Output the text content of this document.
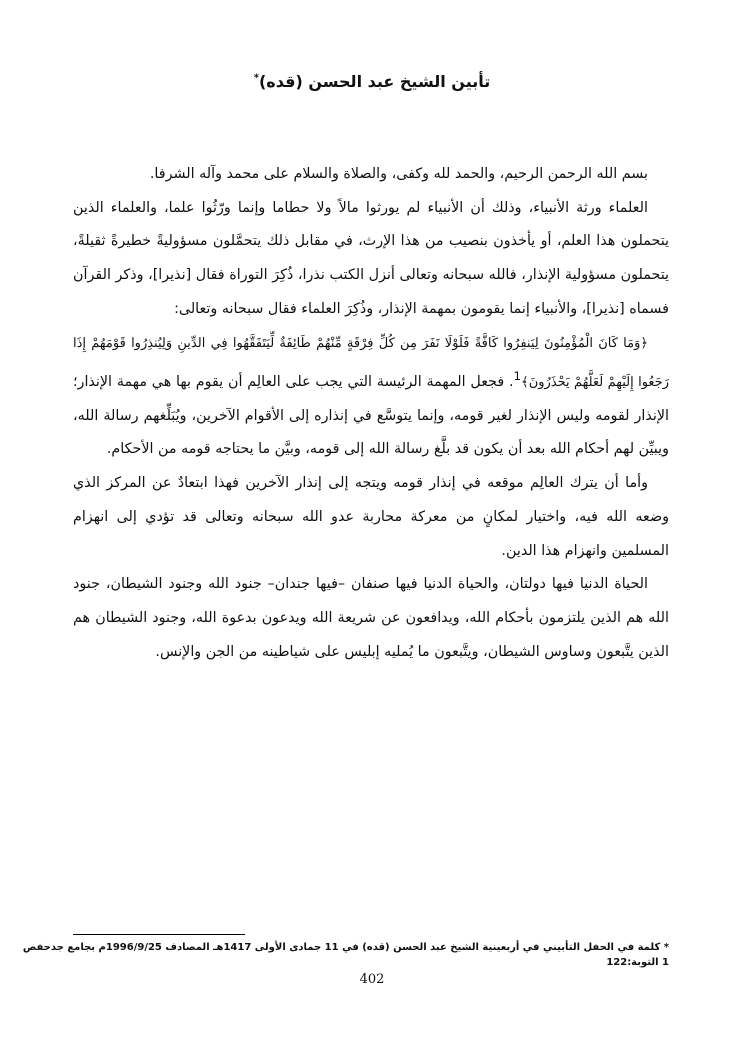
تأبين الشيخ عبد الحسن (قده)*

بسم الله الرحمن الرحيم، والحمد لله وكفى، والصلاة والسلام على محمد وآله الشرفا.

العلماء ورثة الأنبياء، وذلك أن الأنبياء لم يورثوا مالاً ولا حطاما وإنما ورّثُوا علما، والعلماء الذين يتحملون هذا العلم، أو يأخذون بنصيب من هذا الإرث، في مقابل ذلك يتحمَّلون مسؤوليةً خطيرةً ثقيلةً، يتحملون مسؤولية الإنذار، فالله سبحانه وتعالى أنزل الكتب نذرا، ذُكِرَ التوراة فقال [نذيرا]، وذكر القرآن فسماه [نذيرا]، والأنبياء إنما يقومون بمهمة الإنذار، وذُكِرَ العلماء فقال سبحانه وتعالى:

﴿وَمَا كَانَ الْمُؤْمِنُونَ لِيَنفِرُوا كَافَّةً فَلَوْلَا نَفَرَ مِن كُلِّ فِرْقَةٍ مِّنْهُمْ طَائِفَةٌ لِّيَتَفَقَّهُوا فِي الدِّينِ وَلِيُنذِرُوا قَوْمَهُمْ إِذَا رَجَعُوا إِلَيْهِمْ لَعَلَّهُمْ يَحْذَرُونَ﴾$^1$. فجعل المهمة الرئيسة التي يجب على العالِم أن يقوم بها هي مهمة الإنذار؛ الإنذار لقومه وليس الإنذار لغير قومه، وإنما يتوسَّع في إنذاره إلى الأقوام الآخرين، ويُبَلِّغهم رسالة الله، ويبيِّن لهم أحكام الله بعد أن يكون قد بلَّغ رسالة الله إلى قومه، وبيَّن ما يحتاجه قومه من الأحكام.

وأما أن يترك العالِم موقعه في إنذار قومه ويتجه إلى إنذار الآخرين فهذا ابتعادٌ عن المركز الذي وضعه الله فيه، واختيار لمكانٍ من معركة محاربة عدو الله سبحانه وتعالى قد تؤدي إلى انهزام المسلمين وانهزام هذا الدين.

الحياة الدنيا فيها دولتان، والحياة الدنيا فيها صنفان –فيها جندان– جنود الله وجنود الشيطان، جنود الله هم الذين يلتزمون بأحكام الله، ويدافعون عن شريعة الله ويدعون بدعوة الله، وجنود الشيطان هم الذين يتَّبعون وساوس الشيطان، ويتَّبعون ما يُمليه إبليس على شياطينه من الجن والإنس.

* كلمة في الحفل التأبيني في أربعينية الشيخ عبد الحسن (قده) في 11 جمادى الأولى 1417هـ المصادف 1996/9/25م بجامع جدحفص
1 التوبة:122
402
